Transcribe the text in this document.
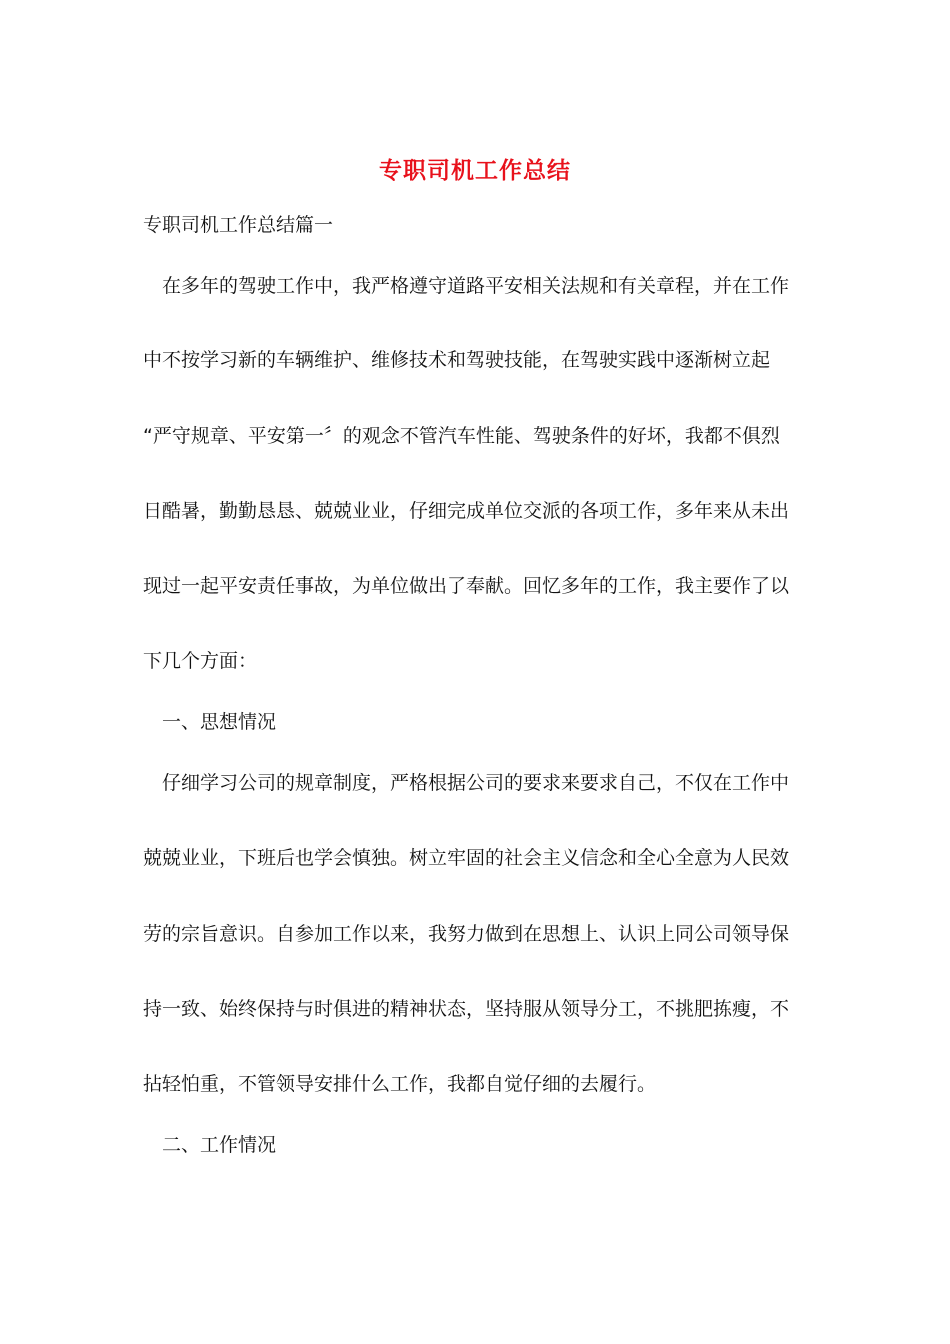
专职司机工作总结
专职司机工作总结篇一
　在多年的驾驶工作中，我严格遵守道路平安相关法规和有关章程，并在工作
中不按学习新的车辆维护、维修技术和驾驶技能，在驾驶实践中逐渐树立起
“严守规章、平安第一〞的观念不管汽车性能、驾驶条件的好坏，我都不俱烈
日酷暑，勤勤恳恳、兢兢业业，仔细完成单位交派的各项工作，多年来从未出
现过一起平安责任事故，为单位做出了奉献。回忆多年的工作，我主要作了以
下几个方面：
　一、思想情况
　仔细学习公司的规章制度，严格根据公司的要求来要求自己，不仅在工作中
兢兢业业，下班后也学会慎独。树立牢固的社会主义信念和全心全意为人民效
劳的宗旨意识。自参加工作以来，我努力做到在思想上、认识上同公司领导保
持一致、始终保持与时俱进的精神状态，坚持服从领导分工，不挑肥拣瘦，不
拈轻怕重，不管领导安排什么工作，我都自觉仔细的去履行。
　二、工作情况
